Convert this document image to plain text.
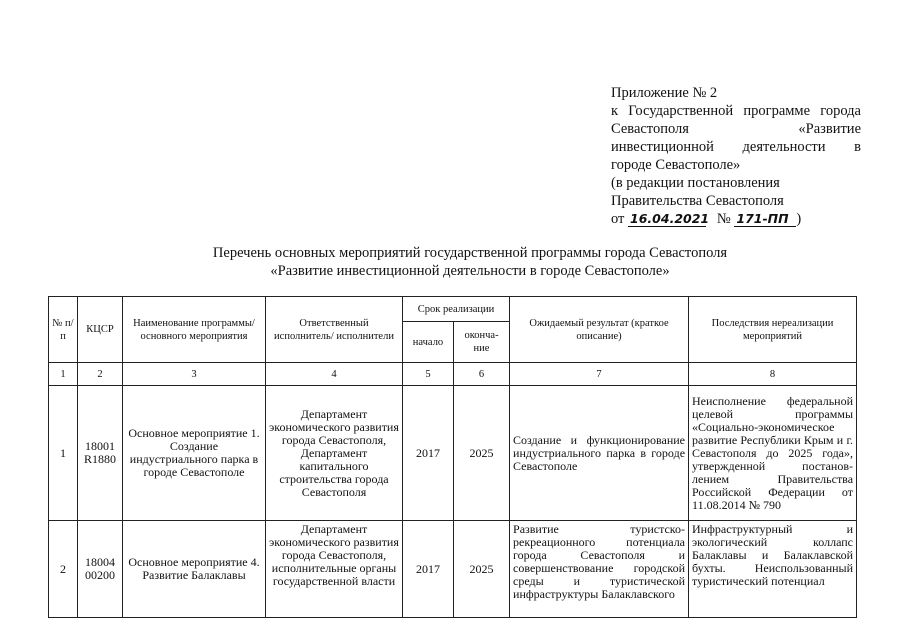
Приложение № 2
к Государственной программе города
Севастополя «Развитие
инвестиционной деятельности в
городе Севастополе»
(в редакции постановления
Правительства Севастополя
от 16.04.2021 № 171-ПП )
Перечень основных мероприятий государственной программы города Севастополя
«Развитие инвестиционной деятельности в городе Севастополе»
№ п/п	КЦСР	Наименование программы/основного мероприятия	Ответственный исполнитель/ исполнители	Срок реализации		Ожидаемый результат (краткое описание)	Последствия нереализации мероприятий
				начало	оконча-ние		
1	2	3	4	5	6	7	8
1	18001 R1880	Основное мероприятие 1. Создание индустриального парка в городе Севастополе	Департамент экономического развития города Севастополя, Департамент капитального строительства города Севастополя	2017	2025	Создание и функционирование индустриального парка в городе Севастополе	Неисполнение федеральной целевой программы «Социально-экономическое развитие Республики Крым и г. Севастополя до 2025 года», утвержденной постанов-лением Правительства Российской Федерации от 11.08.2014 № 790
2	18004 00200	Основное мероприятие 4. Развитие Балаклавы	Департамент экономического развития города Севастополя, исполнительные органы государственной власти	2017	2025	Развитие туристско-рекреационного потенциала города Севастополя и совершенствование городской среды и туристической инфраструктуры Балаклавского	Инфраструктурный и экологический коллапс Балаклавы и Балаклавской бухты. Неиспользованный туристический потенциал
